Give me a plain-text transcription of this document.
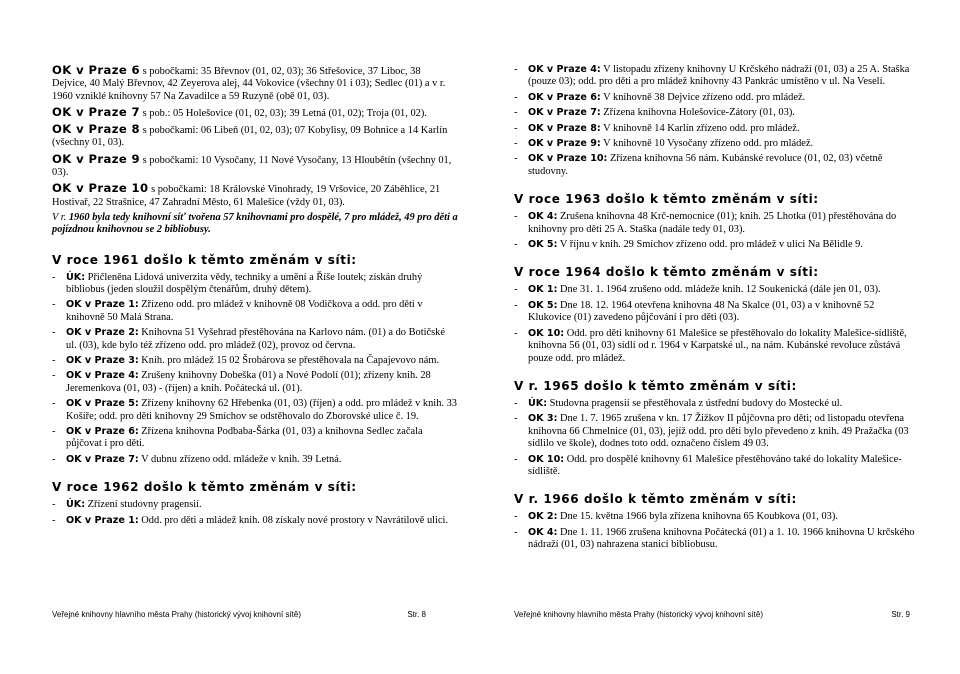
OK v Praze 6 s pobočkami: 35 Břevnov (01, 02, 03); 36 Střešovice, 37 Liboc, 38 Dejvice, 40 Malý Břevnov, 42 Zeyerova alej, 44 Vokovice (všechny 01 i 03); Sedlec (01) a v r. 1960 vzniklé knihovny 57 Na Zavadilce a 59 Ruzyně (obě 01, 03).

OK v Praze 7 s pob.: 05 Holešovice (01, 02, 03); 39 Letná (01, 02); Troja (01, 02).

OK v Praze 8 s pobočkami: 06 Libeň (01, 02, 03); 07 Kobylisy, 09 Bohnice a 14 Karlín (všechny 01, 03).

OK v Praze 9 s pobočkami: 10 Vysočany, 11 Nové Vysočany, 13 Hloubětín (všechny 01, 03).

OK v Praze 10 s pobočkami: 18 Královské Vinohrady, 19 Vršovice, 20 Záběhlice, 21 Hostivař, 22 Strašnice, 47 Zahradní Město, 61 Malešice (vždy 01, 03).

V r. 1960 byla tedy knihovní síť tvořena 57 knihovnami pro dospělé, 7 pro mládež, 49 pro děti a pojízdnou knihovnou se 2 bibliobusy.

V roce 1961 došlo k těmto změnám v síti:
- ÚK: Přičleněna Lidová univerzita vědy, techniky a umění a Říše loutek; získán druhý bibliobus (jeden sloužil dospělým čtenářům, druhý dětem).
- OK v Praze 1: Zřízeno odd. pro mládež v knihovně 08 Vodičkova a odd. pro děti v knihovně 50 Malá Strana.
- OK v Praze 2: Knihovna 51 Vyšehrad přestěhována na Karlovo nám. (01) a do Botičské ul. (03), kde bylo též zřízeno odd. pro mládež (02), provoz od června.
- OK v Praze 3: Knih. pro mládež 15 02 Šrobárova se přestěhovala na Čapajevovo nám.
- OK v Praze 4: Zrušeny knihovny Dobeška (01) a Nové Podolí (01); zřízeny knih. 28 Jeremenkova (01, 03) - (říjen) a knih. Počátecká ul. (01).
- OK v Praze 5: Zřízeny knihovny 62 Hřebenka (01, 03) (říjen) a odd. pro mládež v knih. 33 Košíře; odd. pro děti knihovny 29 Smíchov se odstěhovalo do Zborovské ulice č. 19.
- OK v Praze 6: Zřízena knihovna Podbaba-Šárka (01, 03) a knihovna Sedlec začala půjčovat i pro děti.
- OK v Praze 7: V dubnu zřízeno odd. mládeže v knih. 39 Letná.
V roce 1962 došlo k těmto změnám v síti:
- ÚK: Zřízení studovny pragensií.
- OK v Praze 1: Odd. pro děti a mládež knih. 08 získaly nové prostory v Navrátilově ulici.
Veřejné knihovny hlavního města Prahy (historický vývoj knihovní sítě)	Str. 8
- OK v Praze 4: V listopadu zřízeny knihovny U Krčského nádraží (01, 03) a 25 A. Staška (pouze 03); odd. pro děti a pro mládež knihovny 43 Pankrác umístěno v ul. Na Veselí.
- OK v Praze 6: V knihovně 38 Dejvice zřízeno odd. pro mládež.
- OK v Praze 7: Zřízena knihovna Holešovice-Zátory (01, 03).
- OK v Praze 8: V knihovně 14 Karlín zřízeno odd. pro mládež.
- OK v Praze 9: V knihovně 10 Vysočany zřízeno odd. pro mládež.
- OK v Praze 10: Zřízena knihovna 56 nám. Kubánské revoluce (01, 02, 03) včetně studovny.
V roce 1963 došlo k těmto změnám v síti:
- OK 4: Zrušena knihovna 48 Krč-nemocnice (01); knih. 25 Lhotka (01) přestěhována do knihovny pro děti 25 A. Staška (nadále tedy 01, 03).
- OK 5: V říjnu v knih. 29 Smíchov zřízeno odd. pro mládež v ulici Na Bělidle 9.
V roce 1964 došlo k těmto změnám v síti:
- OK 1: Dne 31. 1. 1964 zrušeno odd. mládeže knih. 12 Soukenická (dále jen 01, 03).
- OK 5: Dne 18. 12. 1964 otevřena knihovna 48 Na Skalce (01, 03) a v knihovně 52 Klukovice (01) zavedeno půjčování i pro děti (03).
- OK 10: Odd. pro děti knihovny 61 Malešice se přestěhovalo do lokality Malešice-sídliště, knihovna 56 (01, 03) sídlí od r. 1964 v Karpatské ul., na nám. Kubánské revoluce zůstává pouze odd. pro mládež.
V r. 1965 došlo k těmto změnám v síti:
- ÚK: Studovna pragensií se přestěhovala z ústřední budovy do Mostecké ul.
- OK 3: Dne 1. 7. 1965 zrušena v kn. 17 Žižkov II půjčovna pro děti; od listopadu otevřena knihovna 66 Chmelnice (01, 03), jejíž odd. pro děti bylo převedeno z knih. 49 Pražačka (03 sídlilo ve škole), dodnes toto odd. označeno číslem 49 03.
- OK 10: Odd. pro dospělé knihovny 61 Malešice přestěhováno také do lokality Malešice-sídliště.
V r. 1966 došlo k těmto změnám v síti:
- OK 2: Dne 15. května 1966 byla zřízena knihovna 65 Koubkova (01, 03).
- OK 4: Dne 1. 11. 1966 zrušena knihovna Počátecká (01) a 1. 10. 1966 knihovna U krčského nádraží (01, 03) nahrazena stanicí bibliobusu.
Veřejné knihovny hlavního města Prahy (historický vývoj knihovní sítě)	Str. 9
